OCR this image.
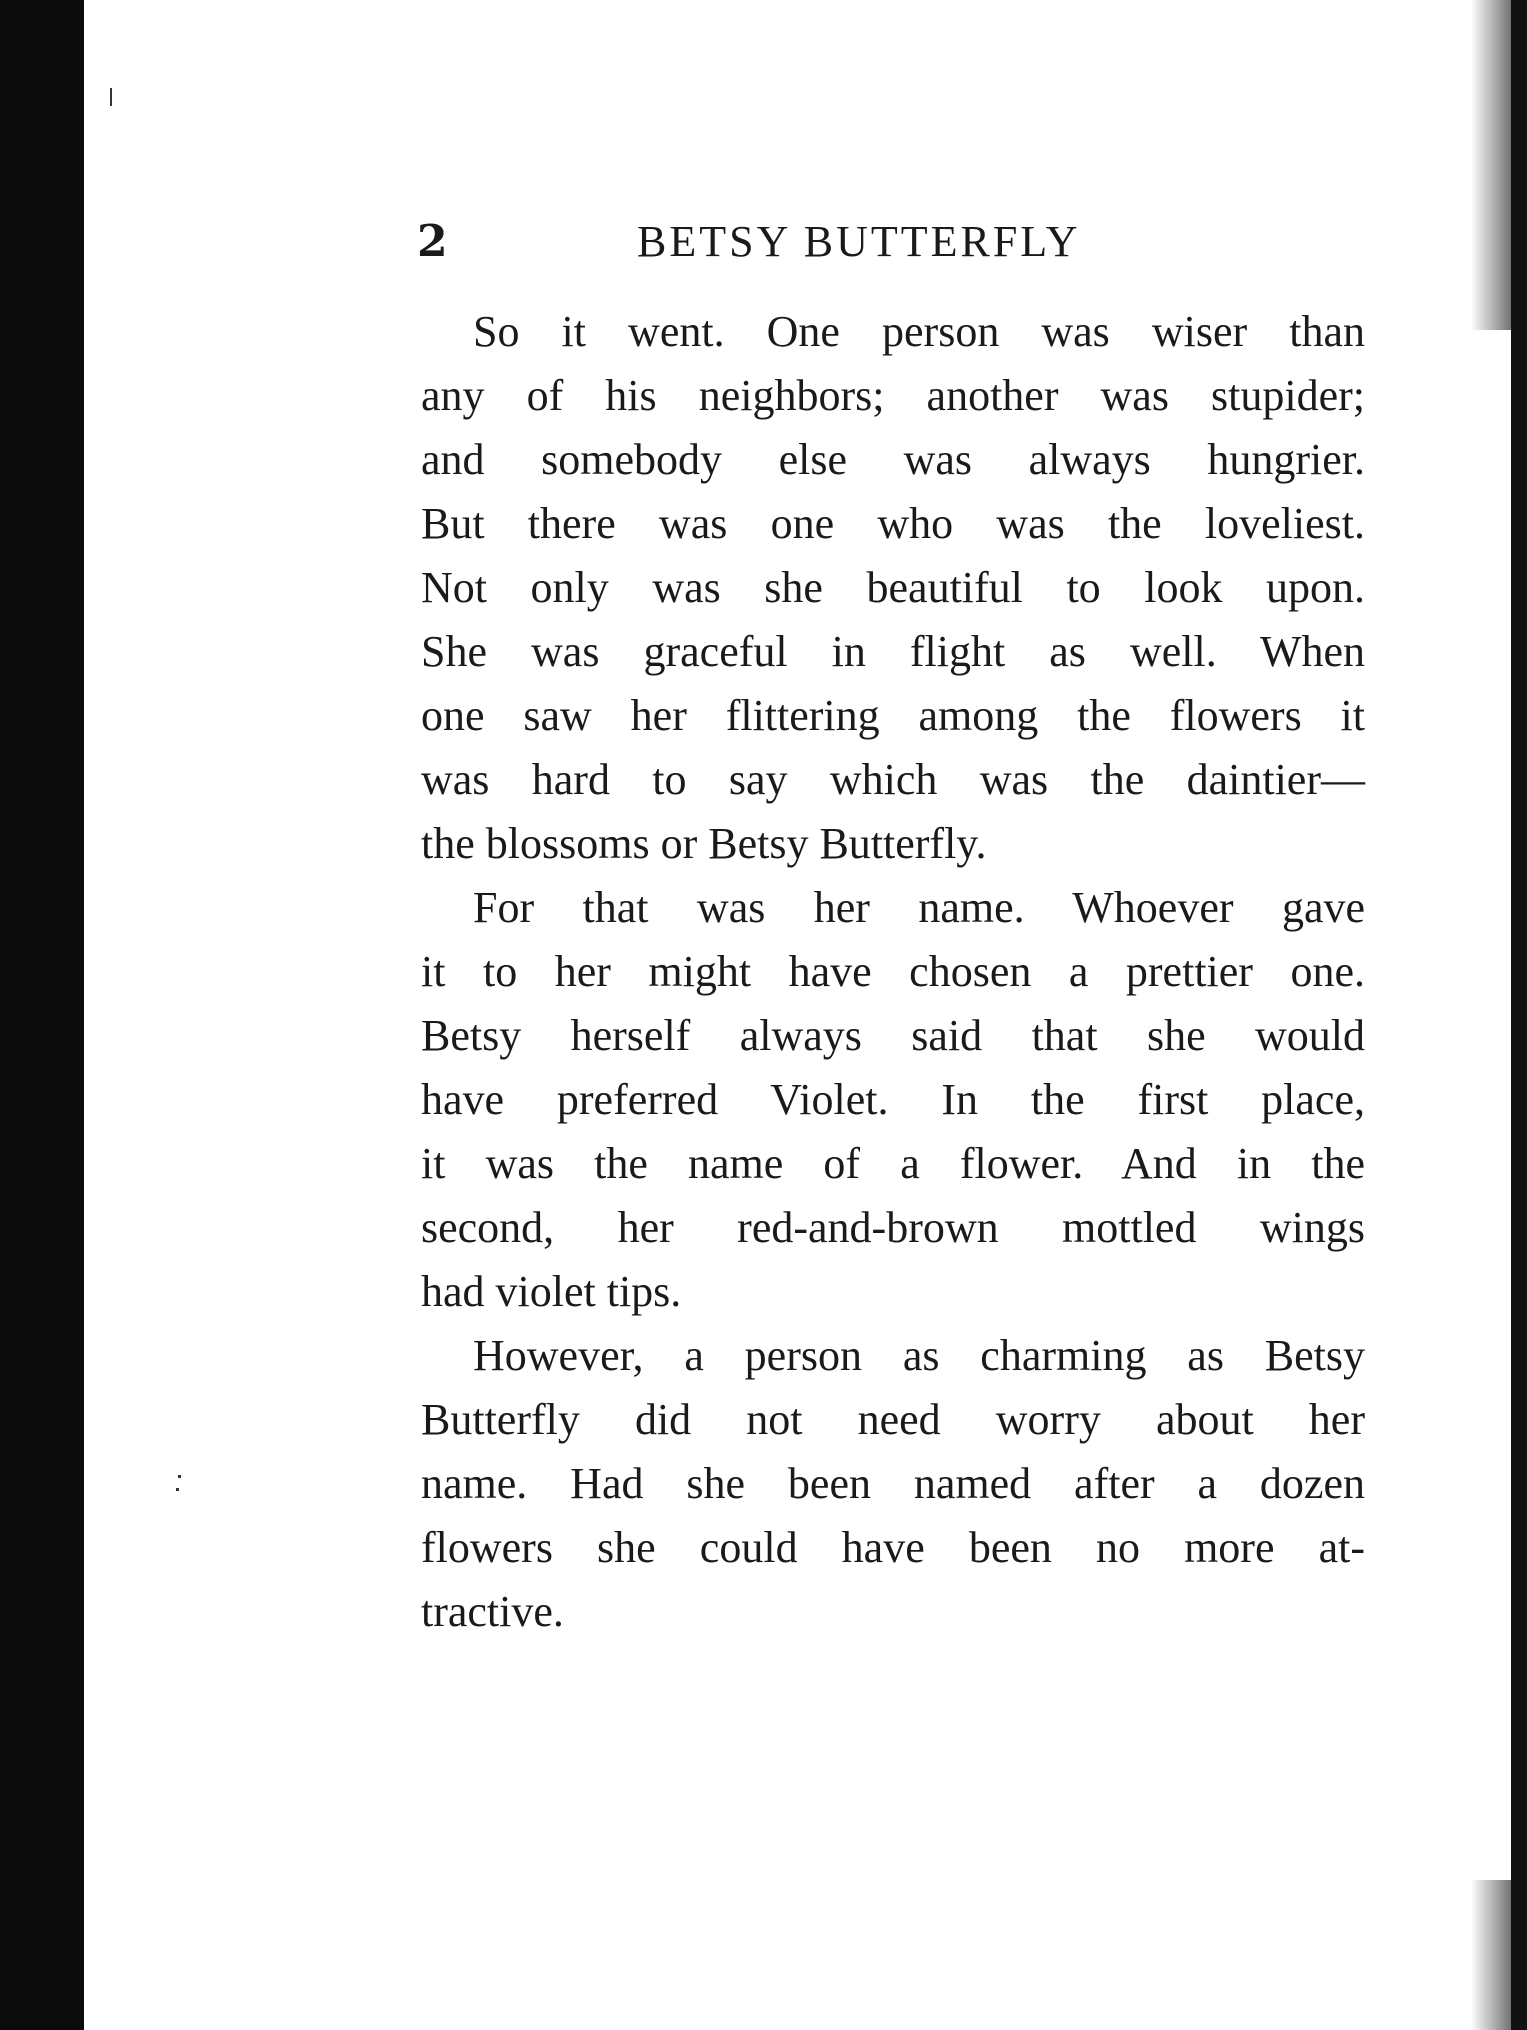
2	BETSY BUTTERFLY
So it went. One person was wiser than
any of his neighbors; another was stupider;
and somebody else was always hungrier.
But there was one who was the loveliest.
Not only was she beautiful to look upon.
She was graceful in flight as well. When
one saw her flittering among the flowers it
was hard to say which was the daintier—
the blossoms or Betsy Butterfly.
For that was her name. Whoever gave
it to her might have chosen a prettier one.
Betsy herself always said that she would
have preferred Violet. In the first place,
it was the name of a flower. And in the
second, her red-and-brown mottled wings
had violet tips.
However, a person as charming as Betsy
Butterfly did not need worry about her
name. Had she been named after a dozen
flowers she could have been no more at-
tractive.
